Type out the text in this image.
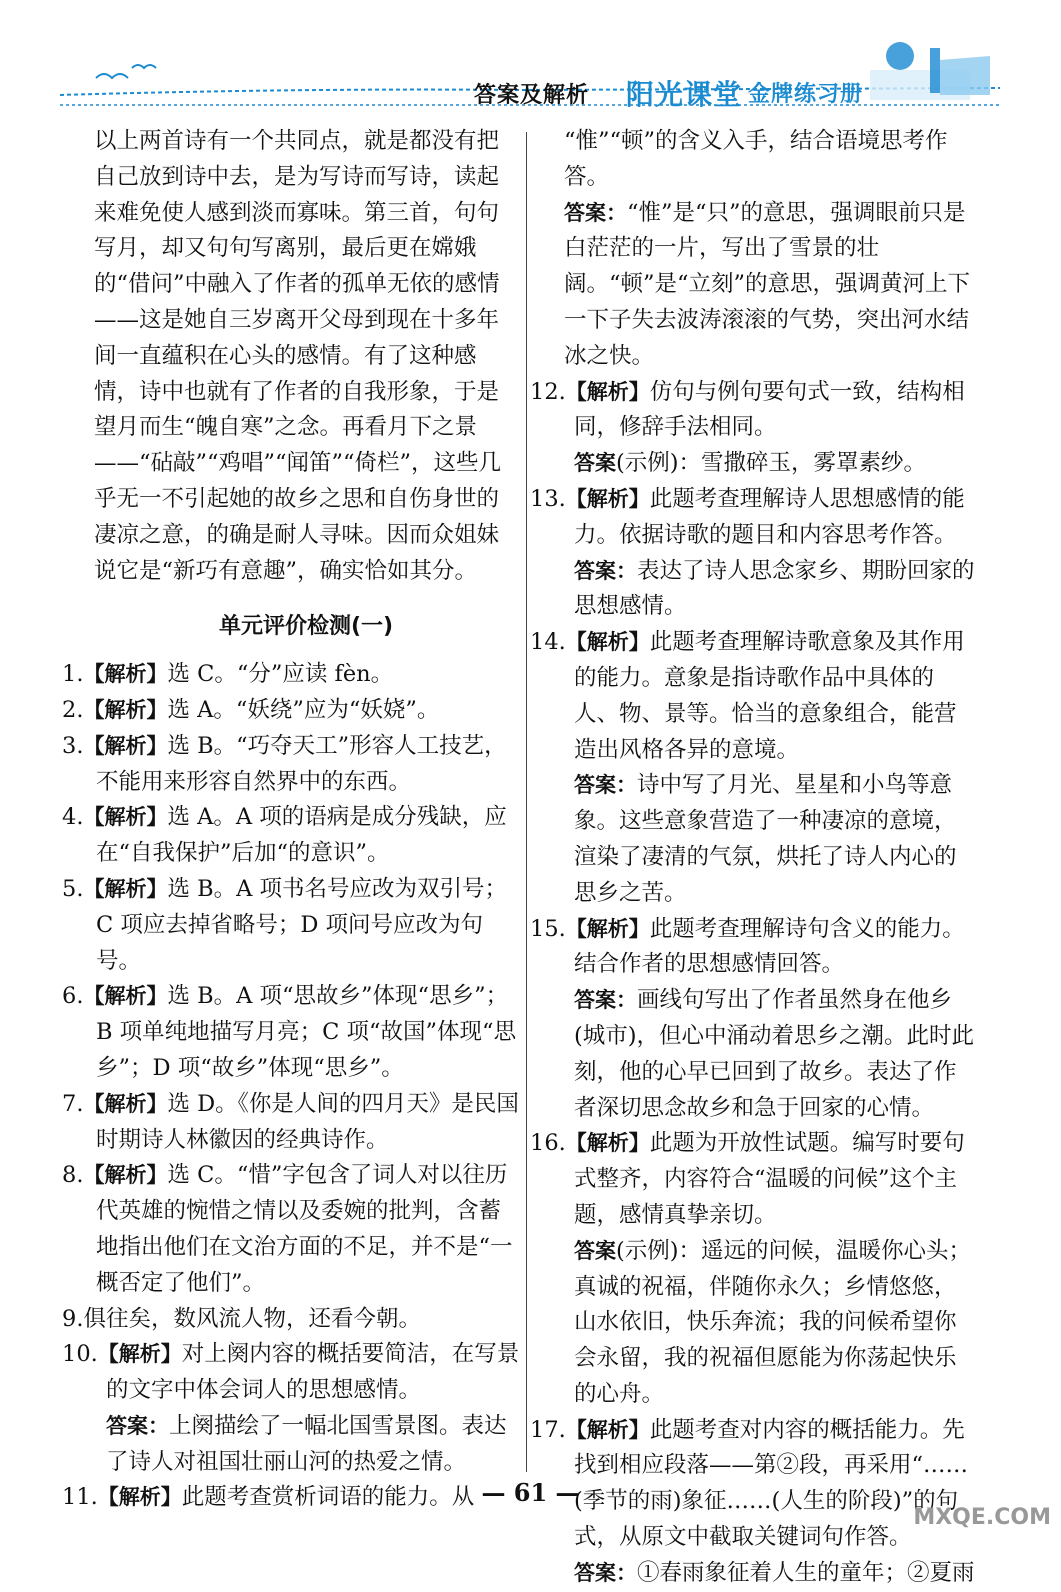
答案及解析 阳光课堂 金牌练习册

以上两首诗有一个共同点，就是都没有把自己放到诗中去，是为写诗而写诗，读起来难免使人感到淡而寡味。第三首，句句写月，却又句句写离别，最后更在嫦娥的“借问”中融入了作者的孤单无依的感情——这是她自三岁离开父母到现在十多年间一直蕴积在心头的感情。有了这种感情，诗中也就有了作者的自我形象，于是望月而生“魄自寒”之念。再看月下之景——“砧敲”“鸡唱”“闻笛”“倚栏”，这些几乎无一不引起她的故乡之思和自伤身世的凄凉之意，的确是耐人寻味。因而众姐妹说它是“新巧有意趣”，确实恰如其分。

单元评价检测(一)

1.【解析】选 C。“分”应读 fèn。

2.【解析】选 A。“妖绕”应为“妖娆”。

3.【解析】选 B。“巧夺天工”形容人工技艺，不能用来形容自然界中的东西。

4.【解析】选 A。A 项的语病是成分残缺，应在“自我保护”后加“的意识”。

5.【解析】选 B。A 项书名号应改为双引号；C 项应去掉省略号；D 项问号应改为句号。

6.【解析】选 B。A 项“思故乡”体现“思乡”；B 项单纯地描写月亮；C 项“故国”体现“思乡”；D 项“故乡”体现“思乡”。

7.【解析】选 D。《你是人间的四月天》是民国时期诗人林徽因的经典诗作。

8.【解析】选 C。“惜”字包含了词人对以往历代英雄的惋惜之情以及委婉的批判，含蓄地指出他们在文治方面的不足，并不是“一概否定了他们”。

9.俱往矣，数风流人物，还看今朝。

10.【解析】对上阕内容的概括要简洁，在写景的文字中体会词人的思想感情。

答案：上阕描绘了一幅北国雪景图。表达了诗人对祖国壮丽山河的热爱之情。

11.【解析】此题考查赏析词语的能力。从

“惟”“顿”的含义入手，结合语境思考作答。

答案：“惟”是“只”的意思，强调眼前只是白茫茫的一片，写出了雪景的壮阔。“顿”是“立刻”的意思，强调黄河上下一下子失去波涛滚滚的气势，突出河水结冰之快。

12.【解析】仿句与例句要句式一致，结构相同，修辞手法相同。

答案(示例)：雪撒碎玉，雾罩素纱。

13.【解析】此题考查理解诗人思想感情的能力。依据诗歌的题目和内容思考作答。

答案：表达了诗人思念家乡、期盼回家的思想感情。

14.【解析】此题考查理解诗歌意象及其作用的能力。意象是指诗歌作品中具体的人、物、景等。恰当的意象组合，能营造出风格各异的意境。

答案：诗中写了月光、星星和小鸟等意象。这些意象营造了一种凄凉的意境，渲染了凄清的气氛，烘托了诗人内心的思乡之苦。

15.【解析】此题考查理解诗句含义的能力。结合作者的思想感情回答。

答案：画线句写出了作者虽然身在他乡(城市)，但心中涌动着思乡之潮。此时此刻，他的心早已回到了故乡。表达了作者深切思念故乡和急于回家的心情。

16.【解析】此题为开放性试题。编写时要句式整齐，内容符合“温暖的问候”这个主题，感情真挚亲切。

答案(示例)：遥远的问候，温暖你心头；真诚的祝福，伴随你永久；乡情悠悠，山水依旧，快乐奔流；我的问候希望你会永留，我的祝福但愿能为你荡起快乐的心舟。

17.【解析】此题考查对内容的概括能力。先找到相应段落——第②段，再采用“……(季节的雨)象征……(人生的阶段)”的句式，从原文中截取关键词句作答。

答案：①春雨象征着人生的童年；②夏雨

— 61 —
MXQE.COM
